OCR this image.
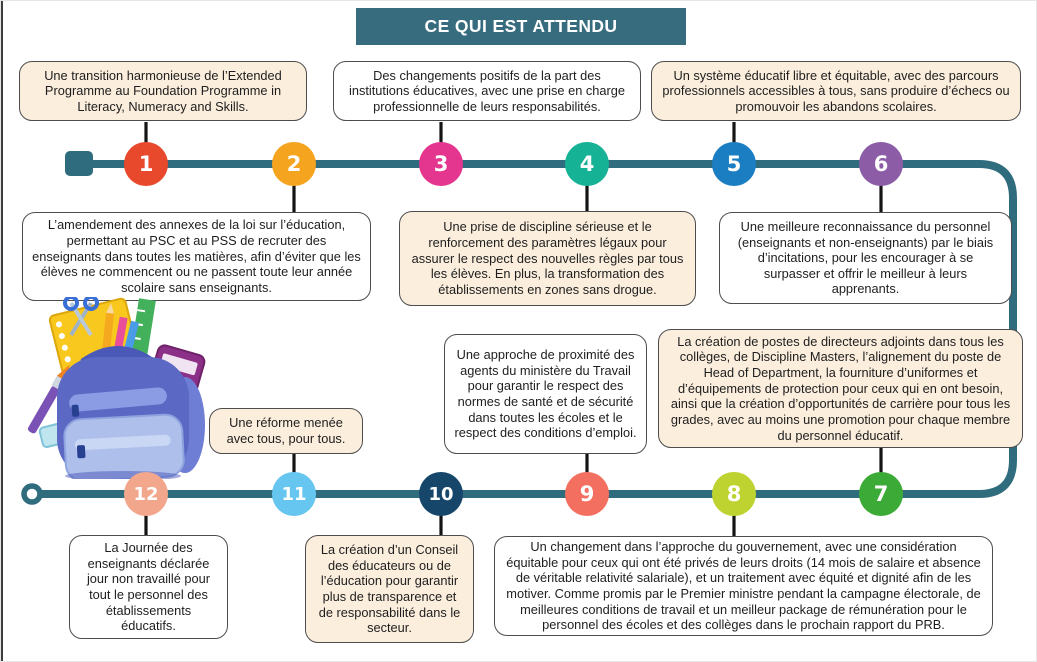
CE QUI EST ATTENDU
Une transition harmonieuse de l’Extended Programme au Foundation Programme in Literacy, Numeracy and Skills.
Des changements positifs de la part des institutions éducatives, avec une prise en charge professionnelle de leurs responsabilités.
Un système éducatif libre et équitable, avec des parcours professionnels accessibles à tous, sans produire d’échecs ou promouvoir les abandons scolaires.
L’amendement des annexes de la loi sur l’éducation, permettant au PSC et au PSS de recruter des enseignants dans toutes les matières, afin d’éviter que les élèves ne commencent ou ne passent toute leur année scolaire sans enseignants.
Une prise de discipline sérieuse et le renforcement des paramètres légaux pour assurer le respect des nouvelles règles par tous les élèves. En plus, la transformation des établissements en zones sans drogue.
Une meilleure reconnaissance du personnel (enseignants et non-enseignants) par le biais d’incitations, pour les encourager à se surpasser et offrir le meilleur à leurs apprenants.
Une réforme menée avec tous, pour tous.
Une approche de proximité des agents du ministère du Travail pour garantir le respect des normes de santé et de sécurité dans toutes les écoles et le respect des conditions d’emploi.
La création de postes de directeurs adjoints dans tous les collèges, de Discipline Masters, l’alignement du poste de Head of Department, la fourniture d’uniformes et d’équipements de protection pour ceux qui en ont besoin, ainsi que la création d’opportunités de carrière pour tous les grades, avec au moins une promotion pour chaque membre du personnel éducatif.
La Journée des enseignants déclarée jour non travaillé pour tout le personnel des établissements éducatifs.
La création d’un Conseil des éducateurs ou de l’éducation pour garantir plus de transparence et de responsabilité dans le secteur.
Un changement dans l’approche du gouvernement, avec une considération équitable pour ceux qui ont été privés de leurs droits (14 mois de salaire et absence de véritable relativité salariale), et un traitement avec équité et dignité afin de les motiver. Comme promis par le Premier ministre pendant la campagne électorale, de meilleures conditions de travail et un meilleur package de rémunération pour le personnel des écoles et des collèges dans le prochain rapport du PRB.
1	2	3	4	5	6
12	11	10	9	8	7
